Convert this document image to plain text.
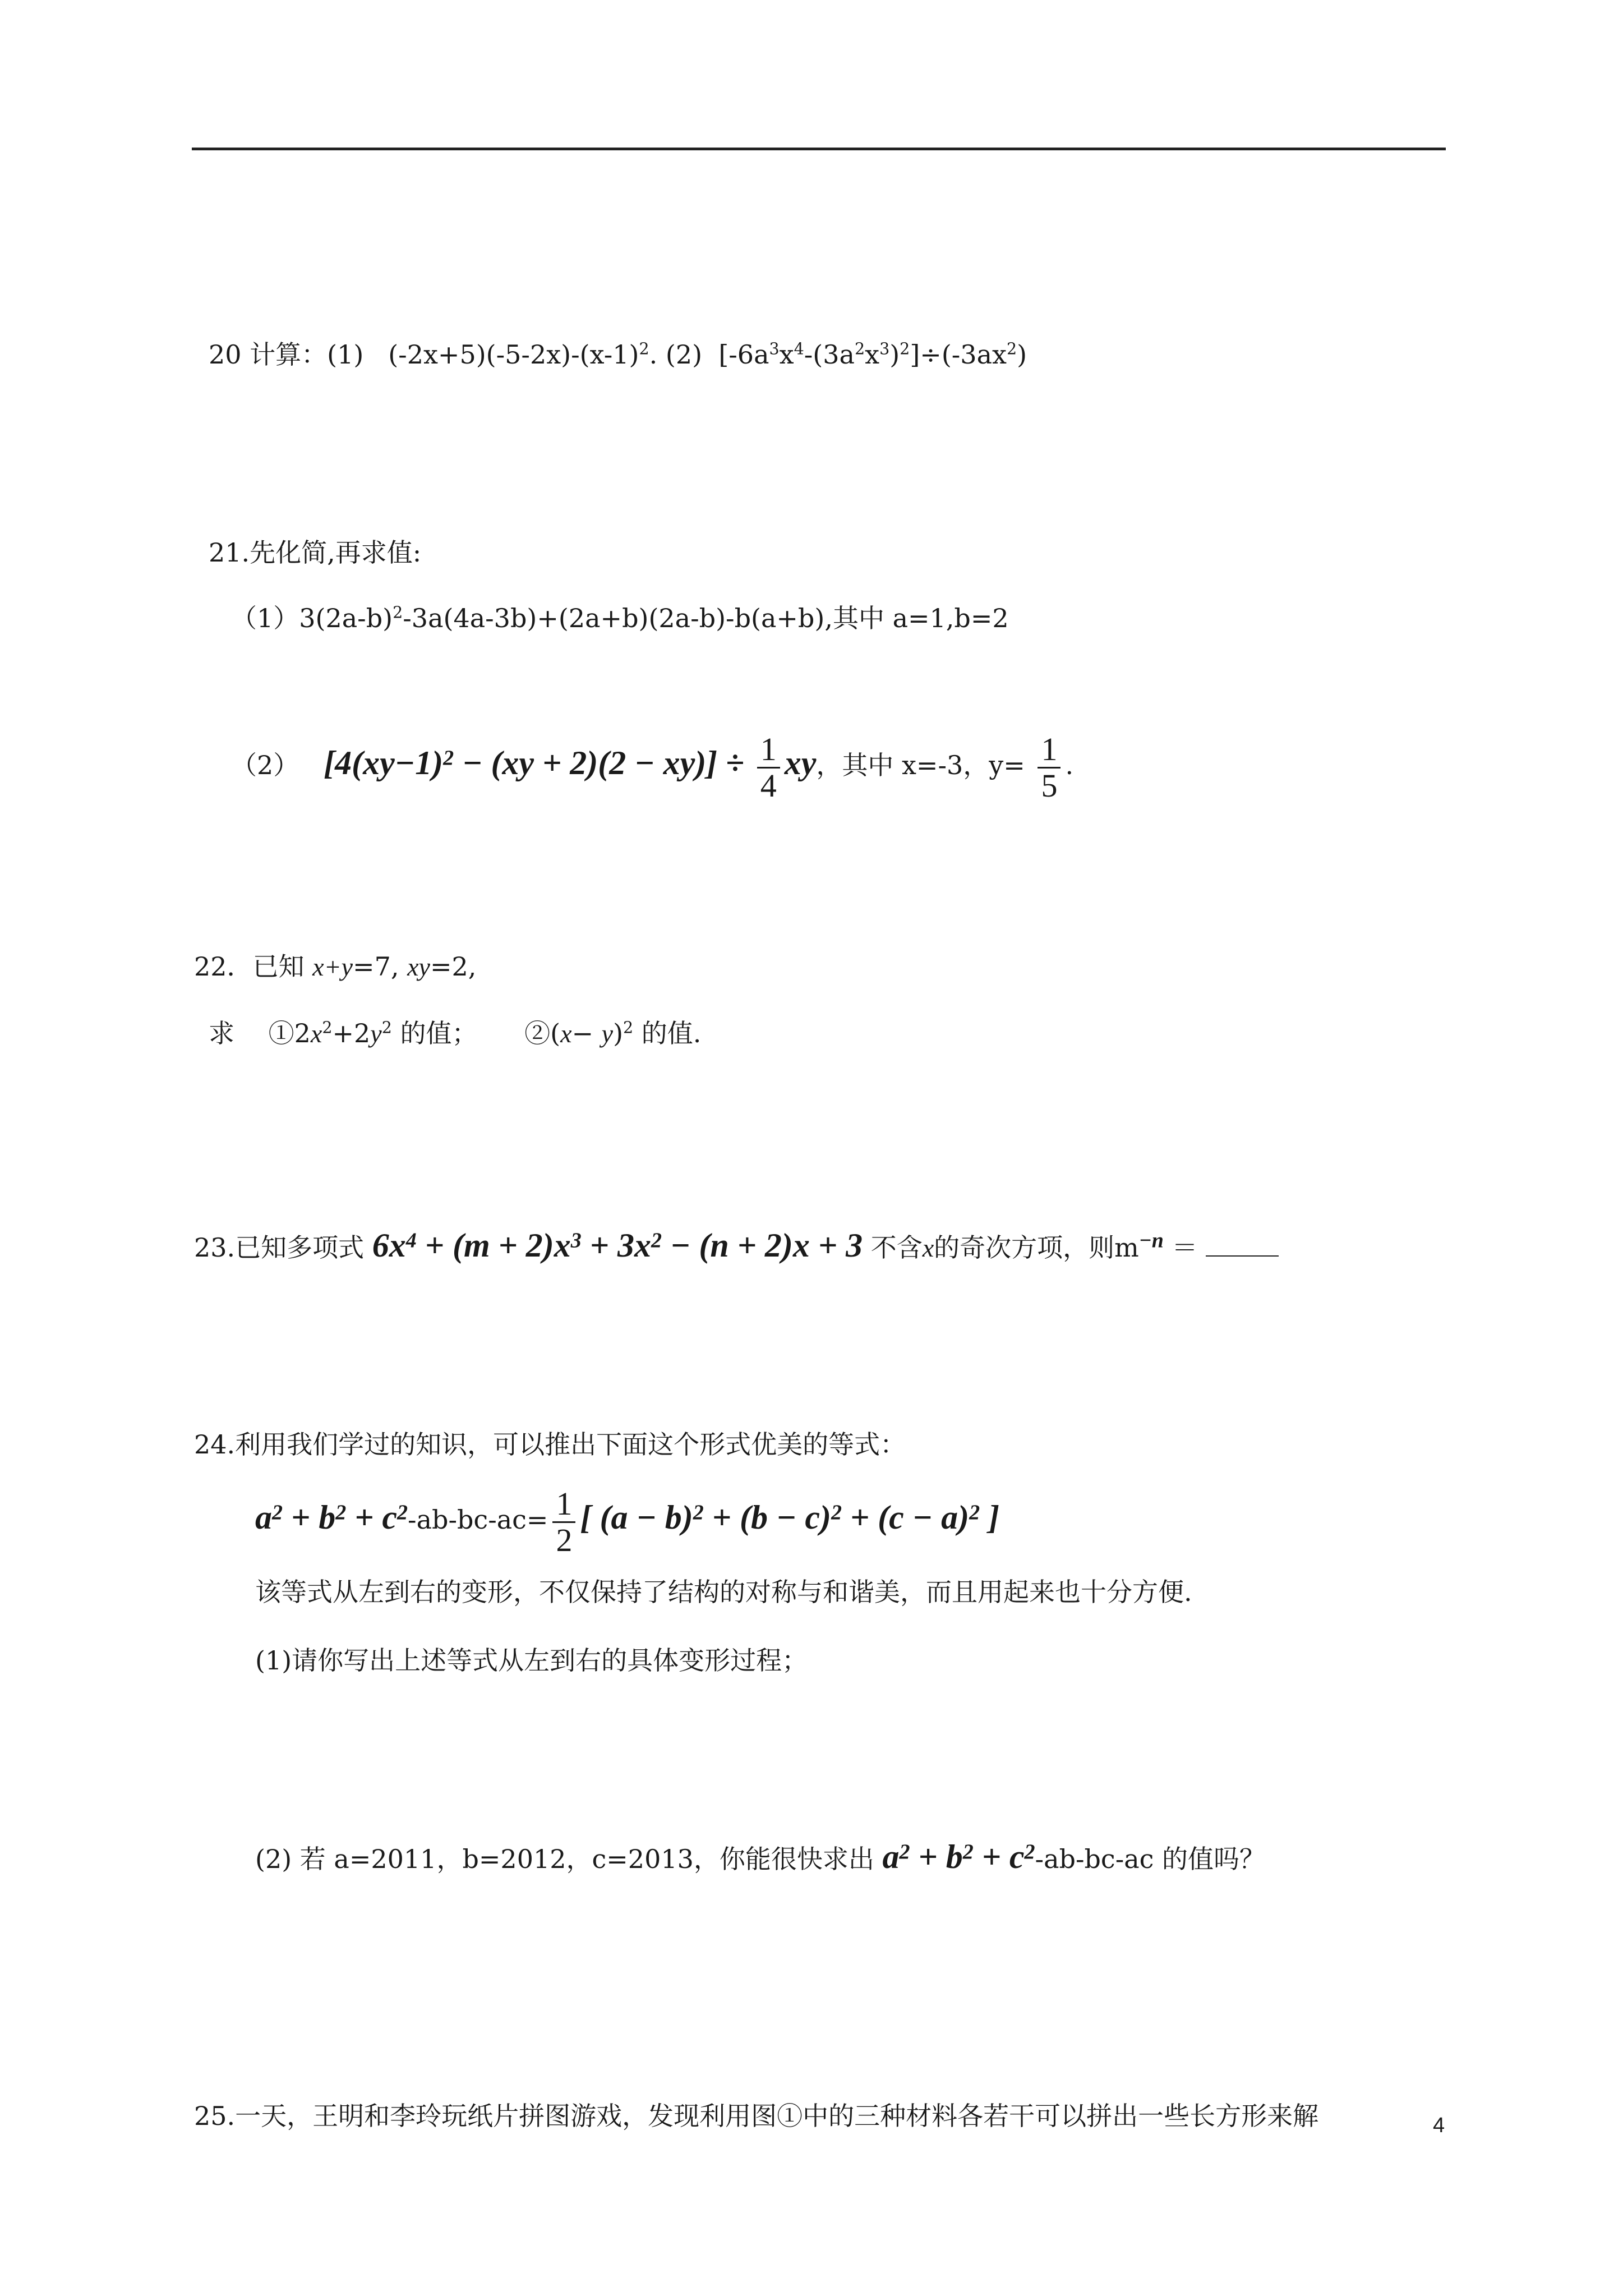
20 计算：(1) $(-2x+5)(-5-2x)-(x-1)^2$. (2) $[-6a^3x^4-(3a^2x^3)^2]\div(-3ax^2)$
21.先化简,再求值:
$(1)3(2a-b)^2-3a(4a-3b)+(2a+b)(2a-b)-b(a+b)$,其中 a=1,b=2
（2） $[4(xy-1)^2 - (xy + 2)(2 - xy)] \div \frac{1}{4}$ xy，其中 x=-3，$y= \frac{1}{5}$ .
22．已知 x+y=7, xy=2,
求　 $①2x^2+2y^2$ 的值；　　 ②(x− y)$^2$ 的值.
23.已知多项式 $6x^4 + (m + 2)x^3 + 3x^2 - (n + 2)x + 3$ 不含x的奇次方项，则$m^{-n}$ ＝
24.利用我们学过的知识，可以推出下面这个形式优美的等式：
$a^2 + b^2 + c^2-ab-bc-ac= \frac{1}{2}$ [ $(a - b)^2 + (b - c)^2 + (c - a)^2$ ]
该等式从左到右的变形，不仅保持了结构的对称与和谐美，而且用起来也十分方便.
(1)请你写出上述等式从左到右的具体变形过程；
(2) 若 a=2011，b=2012，c=2013，你能很快求出 $a^2 + b^2 + c^2-ab-bc-ac$ 的值吗？
25.一天，王明和李玲玩纸片拼图游戏，发现利用图①中的三种材料各若干可以拼出一些长方形来解	4
